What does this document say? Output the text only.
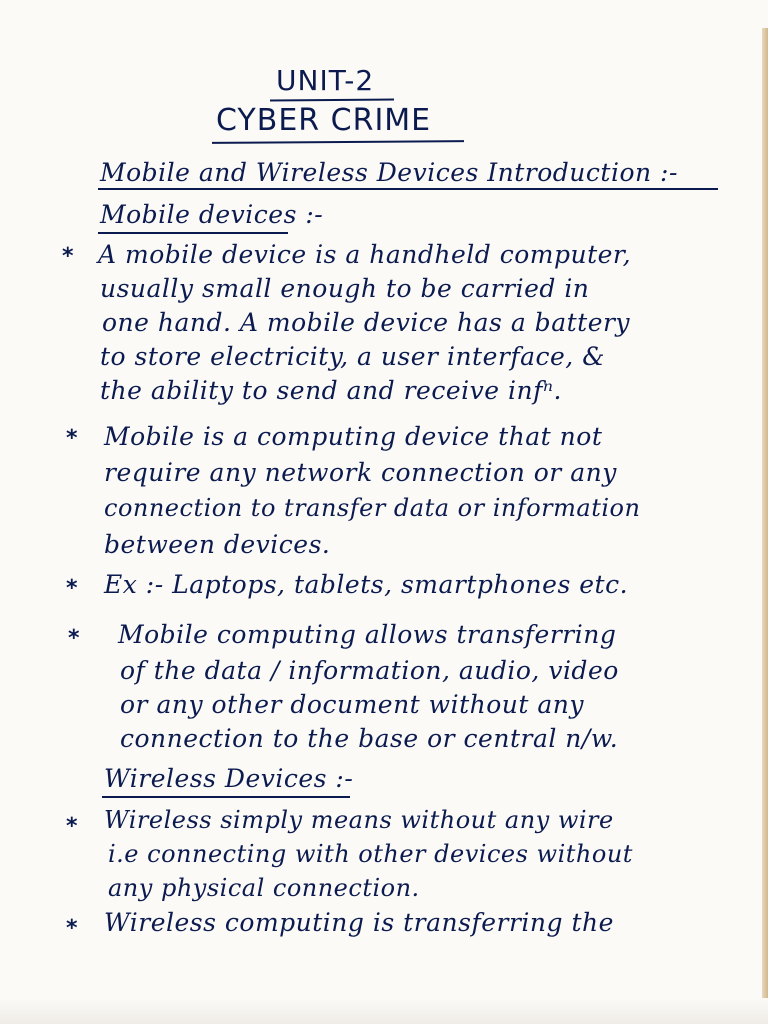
UNIT-2
CYBER CRIME
Mobile and Wireless Devices Introduction :-
Mobile devices :-
* A mobile device is a handheld computer,
usually small enough to be carried in
one hand. A mobile device has a battery
to store electricity, a user interface, &
the ability to send and receive infⁿ.
* Mobile is a computing device that not
require any network connection or any
connection to transfer data or information
between devices.
* Ex :- Laptops, tablets, smartphones etc.
* Mobile computing allows transferring
of the data / information, audio, video
or any other document without any
connection to the base or central n/w.
Wireless Devices :-
* Wireless simply means without any wire
i.e connecting with other devices without
any physical connection.
* Wireless computing is transferring the
